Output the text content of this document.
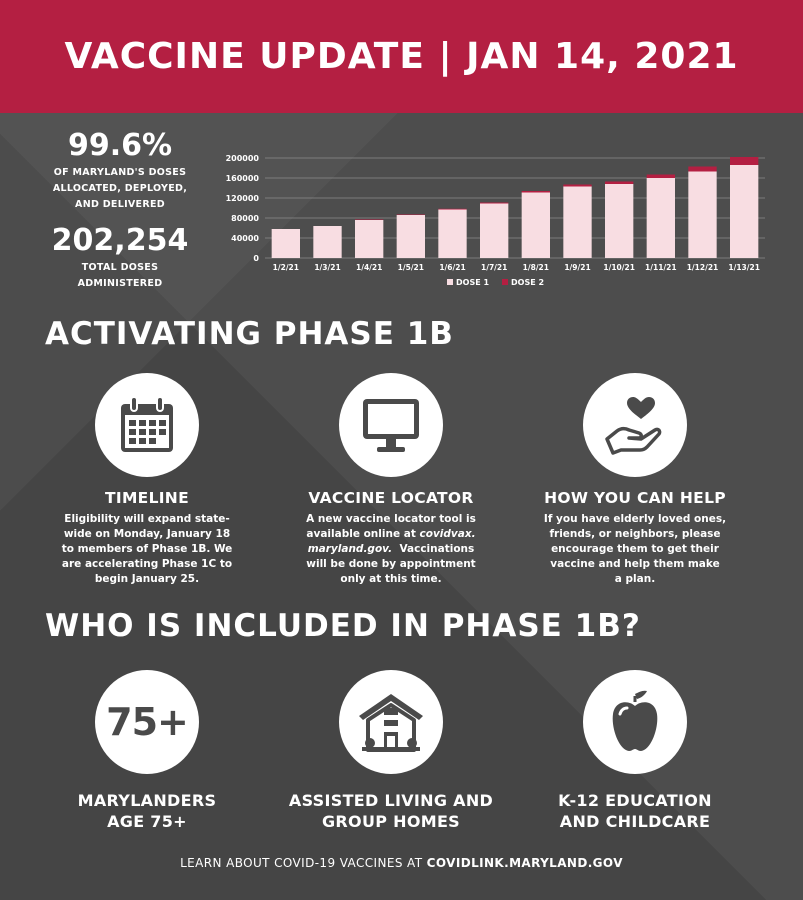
VACCINE UPDATE | JAN 14, 2021
99.6%
OF MARYLAND'S DOSES
ALLOCATED, DEPLOYED,
AND DELIVERED
202,254
TOTAL DOSES
ADMINISTERED
0
40000
80000
120000
160000
200000
1/2/21 1/3/21 1/4/21 1/5/21 1/6/21 1/7/21 1/8/21 1/9/21 1/10/21 1/11/21 1/12/21 1/13/21
DOSE 1	DOSE 2
ACTIVATING PHASE 1B
TIMELINE

Eligibility will expand state-
wide on Monday, January 18
to members of Phase 1B. We
are accelerating Phase 1C to
begin January 25.

VACCINE LOCATOR

A new vaccine locator tool is
available online at covidvax.
maryland.gov.  Vaccinations
will be done by appointment
only at this time.

HOW YOU CAN HELP

If you have elderly loved ones,
friends, or neighbors, please
encourage them to get their
vaccine and help them make
a plan.

WHO IS INCLUDED IN PHASE 1B?
75+

MARYLANDERS
AGE 75+

ASSISTED LIVING AND
GROUP HOMES

K-12 EDUCATION
AND CHILDCARE

LEARN ABOUT COVID-19 VACCINES AT COVIDLINK.MARYLAND.GOV
